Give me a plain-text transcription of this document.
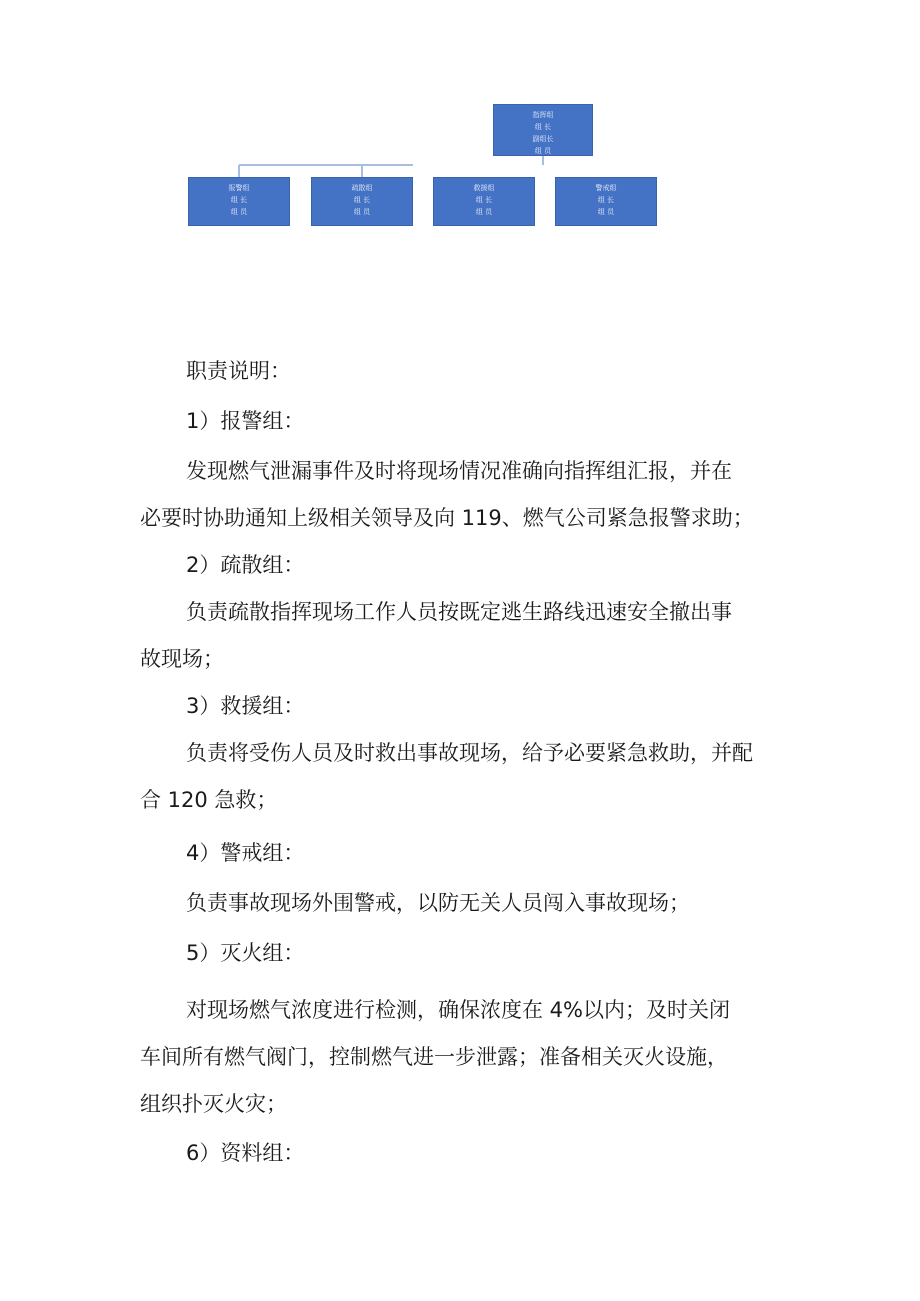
指挥组
组 长
副组长
组 员
报警组
组 长
组 员
疏散组
组 长
组 员
救援组
组 长
组 员
警戒组
组 长
组 员
职责说明：
1）报警组：
发现燃气泄漏事件及时将现场情况准确向指挥组汇报，并在
必要时协助通知上级相关领导及向 119、燃气公司紧急报警求助；
2）疏散组：
负责疏散指挥现场工作人员按既定逃生路线迅速安全撤出事
故现场；
3）救援组：
负责将受伤人员及时救出事故现场，给予必要紧急救助，并配
合 120 急救；
4）警戒组：
负责事故现场外围警戒，以防无关人员闯入事故现场；
5）灭火组：
对现场燃气浓度进行检测，确保浓度在 4%以内；及时关闭
车间所有燃气阀门，控制燃气进一步泄露；准备相关灭火设施，
组织扑灭火灾；
6）资料组：
